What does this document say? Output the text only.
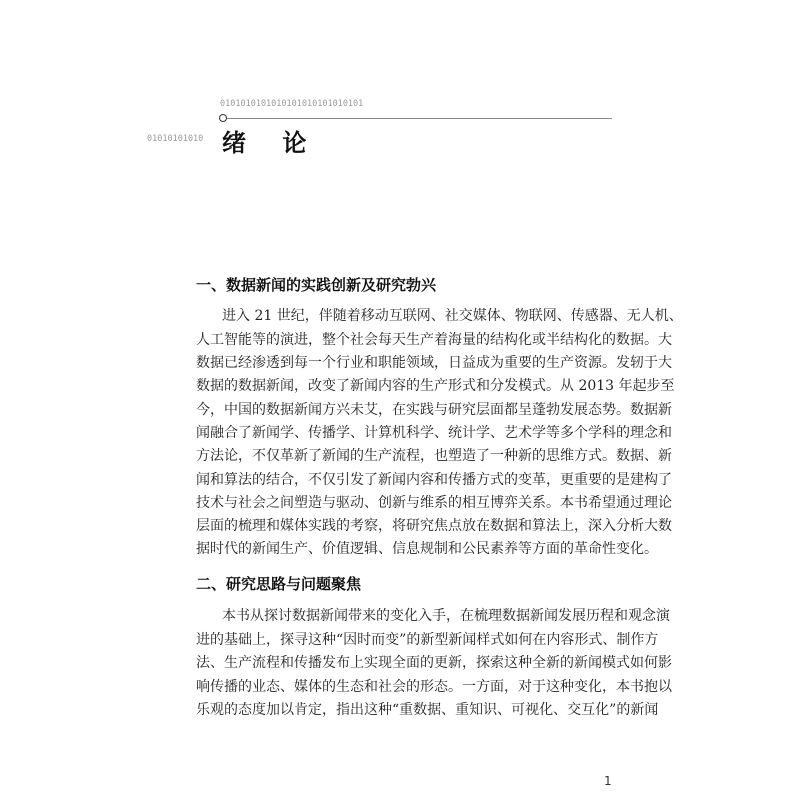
0101010101010101010101010101
01010101010 绪 论
一、数据新闻的实践创新及研究勃兴
进入 21 世纪，伴随着移动互联网、社交媒体、物联网、传感器、无人机、
人工智能等的演进，整个社会每天生产着海量的结构化或半结构化的数据。大
数据已经渗透到每一个行业和职能领域，日益成为重要的生产资源。发轫于大
数据的数据新闻，改变了新闻内容的生产形式和分发模式。从 2013 年起步至
今，中国的数据新闻方兴未艾，在实践与研究层面都呈蓬勃发展态势。数据新
闻融合了新闻学、传播学、计算机科学、统计学、艺术学等多个学科的理念和
方法论，不仅革新了新闻的生产流程，也塑造了一种新的思维方式。数据、新
闻和算法的结合，不仅引发了新闻内容和传播方式的变革，更重要的是建构了
技术与社会之间塑造与驱动、创新与维系的相互博弈关系。本书希望通过理论
层面的梳理和媒体实践的考察，将研究焦点放在数据和算法上，深入分析大数
据时代的新闻生产、价值逻辑、信息规制和公民素养等方面的革命性变化。
二、研究思路与问题聚焦
本书从探讨数据新闻带来的变化入手，在梳理数据新闻发展历程和观念演
进的基础上，探寻这种“因时而变”的新型新闻样式如何在内容形式、制作方
法、生产流程和传播发布上实现全面的更新，探索这种全新的新闻模式如何影
响传播的业态、媒体的生态和社会的形态。一方面，对于这种变化，本书抱以
乐观的态度加以肯定，指出这种“重数据、重知识、可视化、交互化”的新闻
1
